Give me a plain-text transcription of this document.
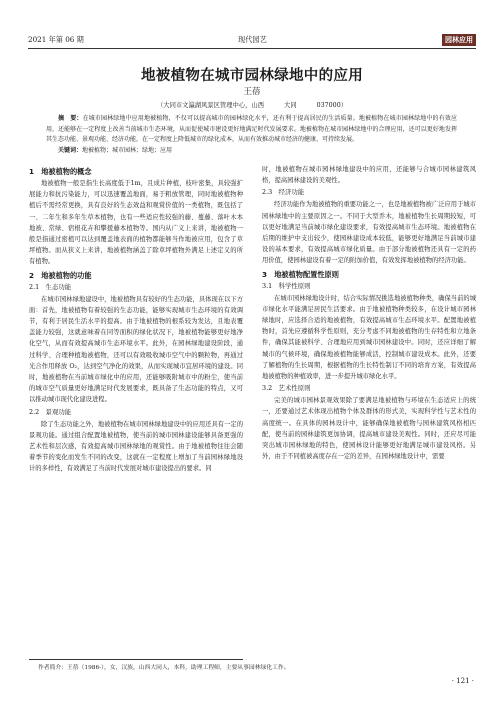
2021 年第 06 期	现代园艺	园林应用
地被植物在城市园林绿地中的应用
王蓓
（大同市文瀛湖风景区管理中心，山西	大同	037000）

摘　要：在城市园林绿地中应用地被植物，不仅可以提高城市的园林绿化水平，还有利于提高居民的生活质量。地被植物在城市园林绿地中的有效应用，还能够在一定程度上改善当前城市生态环境，从而促使城市建设更好地满足时代发展要求。地被植物在城市园林绿地中的合理应用，还可以更好地发挥其生态功能、景观功能、经济功能，在一定程度上降低城市的绿化成本，从而有效推动城市经济的健康、可持续发展。

关键词：地被植物；城市园林；绿地；应用

1　地被植物的概念

地被植物一般是指生长高度低于1m，且成片种植，枝叶密集，具较强扩展能力和抗污染能力，可以迅速覆盖地面，易于粗放管理，同时地被植物种植后不需经常更换，具有良好的生态效益和观赏价值的一类植物，既包括了一、二年生和多年生草本植物，也有一些适应性较强的藤、蔓藤、落叶木本地被、常绿、宿根花卉和攀援藤本植物等。国内从广义上来讲，地被植物一般是指通过密植可以达到覆盖地表面的植物都能够当作地被应用，包含了草坪植物。而从狭义上来讲，地被植物涵盖了除草坪植物外满足上述定义的所有植物。

2　地被植物的功能
2.1　生态功能

在城市园林绿地建设中，地被植物具有较好的生态功能，具体现在以下方面：首先，地被植物有着较强的生态功能，能够实现城市生态环境的有效调节，有利于居民生活水平的提高。由于地被植物的根系较为发达，且地表覆盖能力较强，这就意味着在同等面积的绿化状况下，地被植物能够更好地净化空气，从而有效提高城市生态环境水平。此外，在园林绿地建设阶段，通过科学、合理种植地被植物，还可以有效吸收城市空气中的颗粒物，再通过光合作用释放 O₂，达到空气净化的效果，从而实现城市宜居环境的建设。同时，地被植物在当前城市绿化中的应用，还能够吸附城市中的粉尘，使当前的城市空气质量更好地满足时代发展要求，既具备了生态功能的特点，又可以推动城市现代化建设进程。

2.2　景观功能

除了生态功能之外，地被植物在城市园林绿地建设中的应用还具有一定的景观功能。通过组合配置地被植物，使当前的城市园林建设能够具备更强的艺术性和层次感，有效提高城市园林绿地的观赏性。由于地被植物往往会随着季节的变化而发生不同的改变，这就在一定程度上增加了当前园林绿地设计的多样性，有效满足了当前时代发展对城市建设提出的要求。同

时，地被植物在城市园林绿地建设中的应用，还能够与合城市园林建筑风格，提高园林建设的美观性。

2.3　经济功能

经济功能作为地被植物的重要功能之一，也是地被植物被广泛应用于城市园林绿地中的主要原因之一。不同于大型乔木，地被植物生长周期较短，可以更好地满足当前城市绿化建设要求，有效提高城市生态环境。地被植物在后期的维护中支出较少，使园林建设成本较低，能够更好地满足当前城市建设的基本要求，有效提高城市绿化质量。由于部分地被植物还具有一定的药用价值，使园林建设有着一定的附加价值，有效发挥地被植物的经济功能。

3　地被植物配置性原则
3.1　科学性原则

在城市园林绿地设计时，结合实际情况挑选地被植物种类，确保当前的城市绿化水平能满足居民生活要求。由于地被植物种类较多，在设计城市园林绿地时，应选择合适的地被植物，有效提高城市生态环境水平。配置地被植物时，首先应遵循科学性原则，充分考虑不同地被植物的生存特性和立地条件，确保其能被科学、合理地应用到城市园林建设中。同时，还应详细了解城市的气候环境，确保地被植物能够成活，控制城市建设成本。此外，还要了解植物的生长周期，根据植物的生长特性制订不同的培育方案，有效提高地被植物的种植效率，进一步提升城市绿化水平。

3.2　艺术性原则

完美的城市园林景观效果除了要满足地被植物与环境在生态适应上的统一，还要通过艺术体现出植物个体及群体的形式美，实现科学性与艺术性的高度统一。在具体的园林设计中，能够确保地被植物与园林建筑风格相匹配，使当前的园林建筑更加协调，提高城市建设美观性。同时，还应尽可能突出城市园林绿地的特色，使园林设计能够更好地满足城市建设风格。另外，由于不同植被高度存在一定的差异，在园林绿地设计中，需要

作者简介：王蓓（1986-），女，汉族，山西大同人，本科，助理工程师，主要从事园林绿化工作。
· 121 ·
